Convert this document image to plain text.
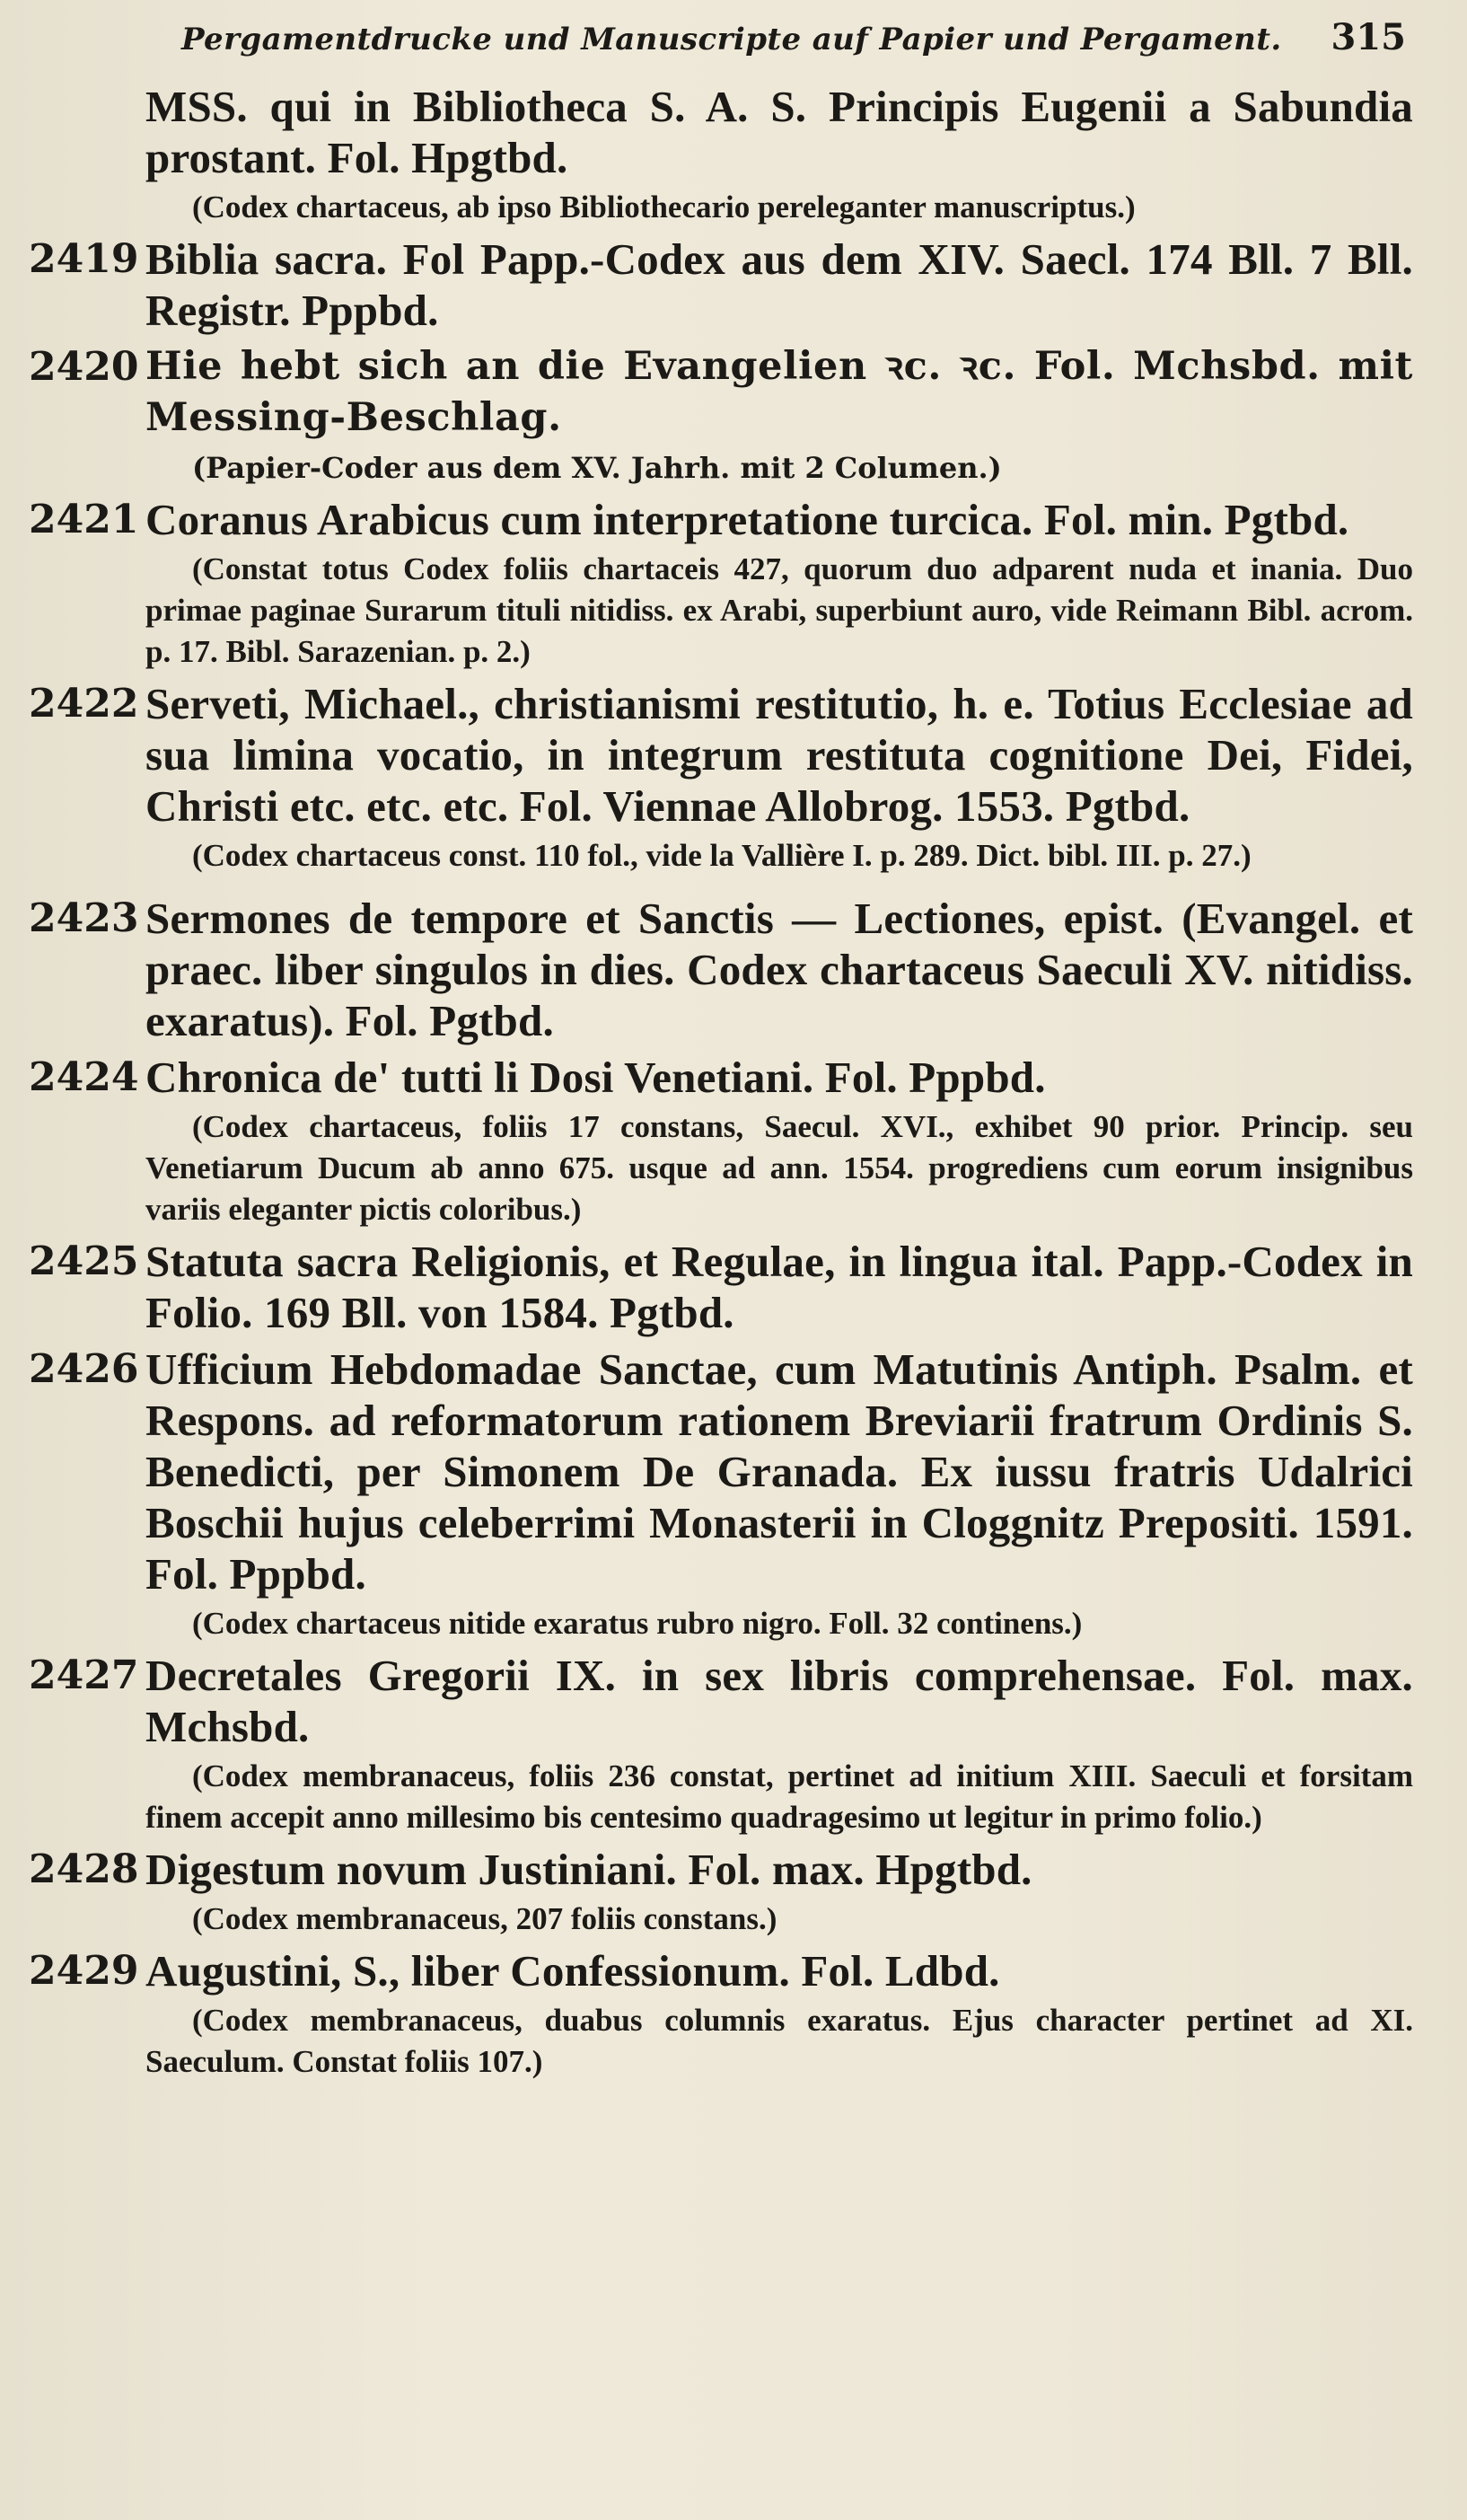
Pergamentdrucke und Manuscripte auf Papier und Pergament. 315
MSS. qui in Bibliotheca S. A. S. Principis Eugenii a Sabundia prostant. Fol. Hpgtbd.
(Codex chartaceus, ab ipso Bibliothecario pereleganter manuscriptus.)
2419 Biblia sacra. Fol Papp.-Codex aus dem XIV. Saecl. 174 Bll. 7 Bll. Registr. Pppbd.
2420 Hie hebt sich an die Evangelien ꝛc. ꝛc. Fol. Mchsbd. mit Messing-Beschlag.
(Papier-Coder aus dem XV. Jahrh. mit 2 Columen.)
2421 Coranus Arabicus cum interpretatione turcica. Fol. min. Pgtbd.
(Constat totus Codex foliis chartaceis 427, quorum duo adparent nuda et inania. Duo primae paginae Surarum tituli nitidiss. ex Arabi, superbiunt auro, vide Reimann Bibl. acrom. p. 17. Bibl. Sarazenian. p. 2.)
2422 Serveti, Michael., christianismi restitutio, h. e. Totius Ecclesiae ad sua limina vocatio, in integrum restituta cognitione Dei, Fidei, Christi etc. etc. etc. Fol. Viennae Allobrog. 1553. Pgtbd.
(Codex chartaceus const. 110 fol., vide la Vallière I. p. 289. Dict. bibl. III. p. 27.)
2423 Sermones de tempore et Sanctis — Lectiones, epist. (Evangel. et praec. liber singulos in dies. Codex chartaceus Saeculi XV. nitidiss. exaratus). Fol. Pgtbd.
2424 Chronica de' tutti li Dosi Venetiani. Fol. Pppbd.
(Codex chartaceus, foliis 17 constans, Saecul. XVI., exhibet 90 prior. Princip. seu Venetiarum Ducum ab anno 675. usque ad ann. 1554. progrediens cum eorum insignibus variis eleganter pictis coloribus.)
2425 Statuta sacra Religionis, et Regulae, in lingua ital. Papp.-Codex in Folio. 169 Bll. von 1584. Pgtbd.
2426 Ufficium Hebdomadae Sanctae, cum Matutinis Antiph. Psalm. et Respons. ad reformatorum rationem Breviarii fratrum Ordinis S. Benedicti, per Simonem De Granada. Ex iussu fratris Udalrici Boschii hujus celeberrimi Monasterii in Cloggnitz Prepositi. 1591. Fol. Pppbd.
(Codex chartaceus nitide exaratus rubro nigro. Foll. 32 continens.)
2427 Decretales Gregorii IX. in sex libris comprehensae. Fol. max. Mchsbd.
(Codex membranaceus, foliis 236 constat, pertinet ad initium XIII. Saeculi et forsitam finem accepit anno millesimo bis centesimo quadragesimo ut legitur in primo folio.)
2428 Digestum novum Justiniani. Fol. max. Hpgtbd.
(Codex membranaceus, 207 foliis constans.)
2429 Augustini, S., liber Confessionum. Fol. Ldbd.
(Codex membranaceus, duabus columnis exaratus. Ejus character pertinet ad XI. Saeculum. Constat foliis 107.)
